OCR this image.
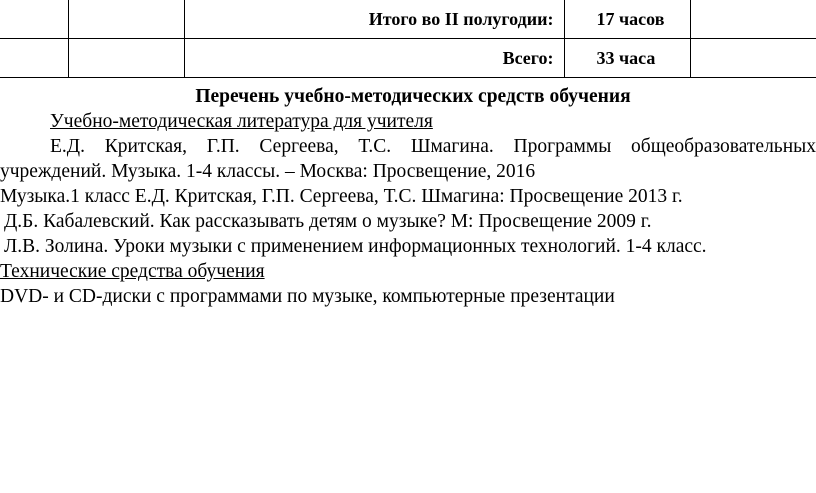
		Итого во II полугодии:	17 часов	
		Всего:	33 часа	
Перечень учебно-методических средств обучения

Учебно-методическая литература для учителя

Е.Д. Критская, Г.П. Сергеева, Т.С. Шмагина. Программы общеобразовательных учреждений. Музыка. 1-4 классы. – Москва: Просвещение, 2016

Музыка.1 класс Е.Д. Критская, Г.П. Сергеева, Т.С. Шмагина: Просвещение 2013 г.

Д.Б. Кабалевский. Как рассказывать детям о музыке? М: Просвещение 2009 г.

Л.В. Золина. Уроки музыки с применением информационных технологий. 1-4 класс.

Технические средства обучения

DVD- и CD-диски с программами по музыке, компьютерные презентации
